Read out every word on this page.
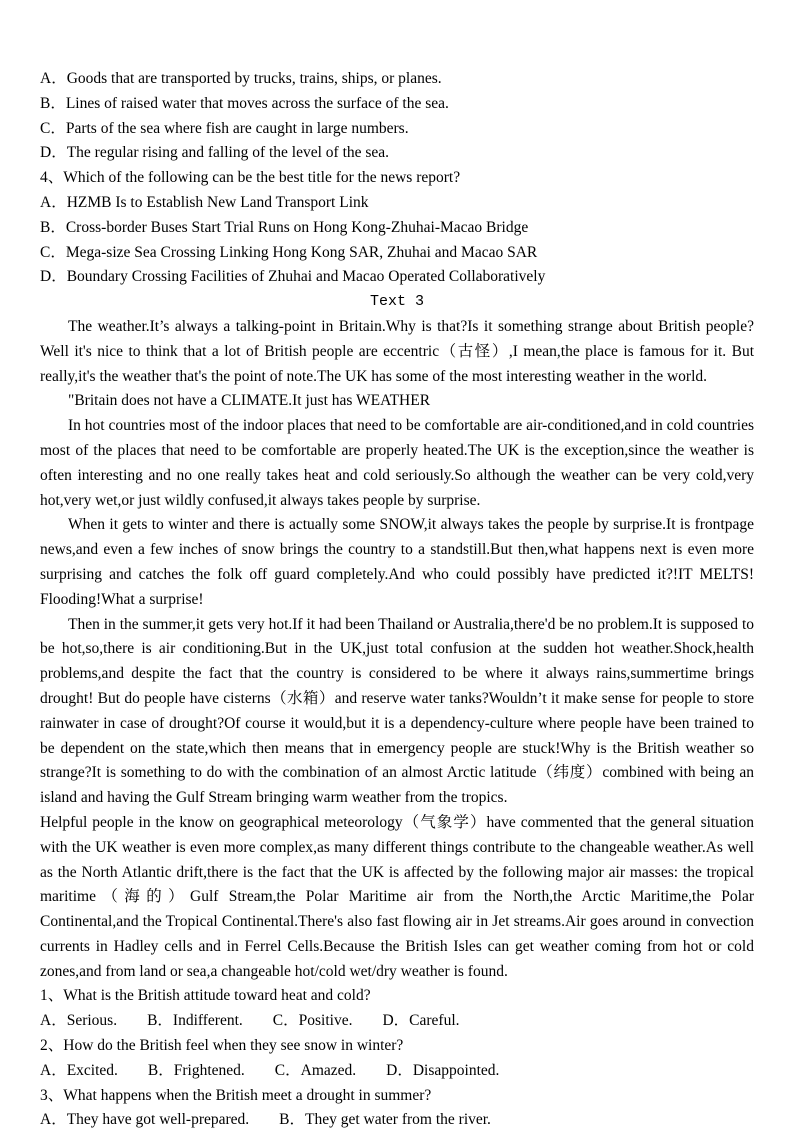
A．Goods that are transported by trucks, trains, ships, or planes.

B．Lines of raised water that moves across the surface of the sea.

C．Parts of the sea where fish are caught in large numbers.

D．The regular rising and falling of the level of the sea.

4、Which of the following can be the best title for the news report?

A．HZMB Is to Establish New Land Transport Link

B．Cross-border Buses Start Trial Runs on Hong Kong-Zhuhai-Macao Bridge

C．Mega-size Sea Crossing Linking Hong Kong SAR, Zhuhai and Macao SAR

D．Boundary Crossing Facilities of Zhuhai and Macao Operated Collaboratively

Text 3

The weather.It’s always a talking-point in Britain.Why is that?Is it something strange about British people?Well it's nice to think that a lot of British people are eccentric（古怪）,I mean,the place is famous for it. But really,it's the weather that's the point of note.The UK has some of the most interesting weather in the world.

"Britain does not have a CLIMATE.It just has WEATHER

In hot countries most of the indoor places that need to be comfortable are air-conditioned,and in cold countries most of the places that need to be comfortable are properly heated.The UK is the exception,since the weather is often interesting and no one really takes heat and cold seriously.So although the weather can be very cold,very hot,very wet,or just wildly confused,it always takes people by surprise.

When it gets to winter and there is actually some SNOW,it always takes the people by surprise.It is frontpage news,and even a few inches of snow brings the country to a standstill.But then,what happens next is even more surprising and catches the folk off guard completely.And who could possibly have predicted it?!IT MELTS! Flooding!What a surprise!

Then in the summer,it gets very hot.If it had been Thailand or Australia,there'd be no problem.It is supposed to be hot,so,there is air conditioning.But in the UK,just total confusion at the sudden hot weather.Shock,health problems,and despite the fact that the country is considered to be where it always rains,summertime brings drought! But do people have cisterns（水箱）and reserve water tanks?Wouldn’t it make sense for people to store rainwater in case of drought?Of course it would,but it is a dependency-culture where people have been trained to be dependent on the state,which then means that in emergency people are stuck!Why is the British weather so strange?It is something to do with the combination of an almost Arctic latitude（纬度）combined with being an island and having the Gulf Stream bringing warm weather from the tropics.

Helpful people in the know on geographical meteorology（气象学）have commented that the general situation with the UK weather is even more complex,as many different things contribute to the changeable weather.As well as the North Atlantic drift,there is the fact that the UK is affected by the following major air masses: the tropical maritime（海的）Gulf Stream,the Polar Maritime air from the North,the Arctic Maritime,the Polar Continental,and the Tropical Continental.There's also fast flowing air in Jet streams.Air goes around in convection currents in Hadley cells and in Ferrel Cells.Because the British Isles can get weather coming from hot or cold zones,and from land or sea,a changeable hot/cold wet/dry weather is found.

1、What is the British attitude toward heat and cold?

A．Serious. B．Indifferent. C．Positive. D．Careful.

2、How do the British feel when they see snow in winter?

A．Excited. B．Frightened. C．Amazed. D．Disappointed.

3、What happens when the British meet a drought in summer?

A．They have got well-prepared. B．They get water from the river.
